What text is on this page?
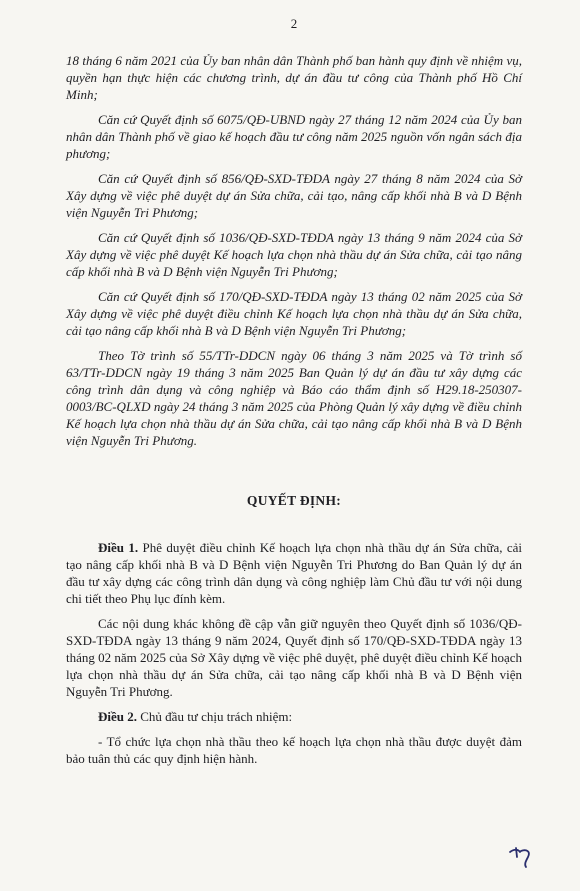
2

18 tháng 6 năm 2021 của Ủy ban nhân dân Thành phố ban hành quy định về nhiệm vụ, quyền hạn thực hiện các chương trình, dự án đầu tư công của Thành phố Hồ Chí Minh;

Căn cứ Quyết định số 6075/QĐ-UBND ngày 27 tháng 12 năm 2024 của Ủy ban nhân dân Thành phố về giao kế hoạch đầu tư công năm 2025 nguồn vốn ngân sách địa phương;

Căn cứ Quyết định số 856/QĐ-SXD-TĐDA ngày 27 tháng 8 năm 2024 của Sở Xây dựng về việc phê duyệt dự án Sửa chữa, cải tạo, nâng cấp khối nhà B và D Bệnh viện Nguyễn Tri Phương;

Căn cứ Quyết định số 1036/QĐ-SXD-TĐDA ngày 13 tháng 9 năm 2024 của Sở Xây dựng về việc phê duyệt Kế hoạch lựa chọn nhà thầu dự án Sửa chữa, cải tạo nâng cấp khối nhà B và D Bệnh viện Nguyễn Tri Phương;

Căn cứ Quyết định số 170/QĐ-SXD-TĐDA ngày 13 tháng 02 năm 2025 của Sở Xây dựng về việc phê duyệt điều chỉnh Kế hoạch lựa chọn nhà thầu dự án Sửa chữa, cải tạo nâng cấp khối nhà B và D Bệnh viện Nguyễn Tri Phương;

Theo Tờ trình số 55/TTr-DDCN ngày 06 tháng 3 năm 2025 và Tờ trình số 63/TTr-DDCN ngày 19 tháng 3 năm 2025 Ban Quản lý dự án đầu tư xây dựng các công trình dân dụng và công nghiệp và Báo cáo thẩm định số H29.18-250307-0003/BC-QLXD ngày 24 tháng 3 năm 2025 của Phòng Quản lý xây dựng về điều chỉnh Kế hoạch lựa chọn nhà thầu dự án Sửa chữa, cải tạo nâng cấp khối nhà B và D Bệnh viện Nguyễn Tri Phương.

QUYẾT ĐỊNH:

Điều 1. Phê duyệt điều chỉnh Kế hoạch lựa chọn nhà thầu dự án Sửa chữa, cải tạo nâng cấp khối nhà B và D Bệnh viện Nguyễn Tri Phương do Ban Quản lý dự án đầu tư xây dựng các công trình dân dụng và công nghiệp làm Chủ đầu tư với nội dung chi tiết theo Phụ lục đính kèm.

Các nội dung khác không đề cập vẫn giữ nguyên theo Quyết định số 1036/QĐ-SXD-TĐDA ngày 13 tháng 9 năm 2024, Quyết định số 170/QĐ-SXD-TĐDA ngày 13 tháng 02 năm 2025 của Sở Xây dựng về việc phê duyệt, phê duyệt điều chỉnh Kế hoạch lựa chọn nhà thầu dự án Sửa chữa, cải tạo nâng cấp khối nhà B và D Bệnh viện Nguyễn Tri Phương.

Điều 2. Chủ đầu tư chịu trách nhiệm:

- Tổ chức lựa chọn nhà thầu theo kế hoạch lựa chọn nhà thầu được duyệt đảm bảo tuân thủ các quy định hiện hành.
